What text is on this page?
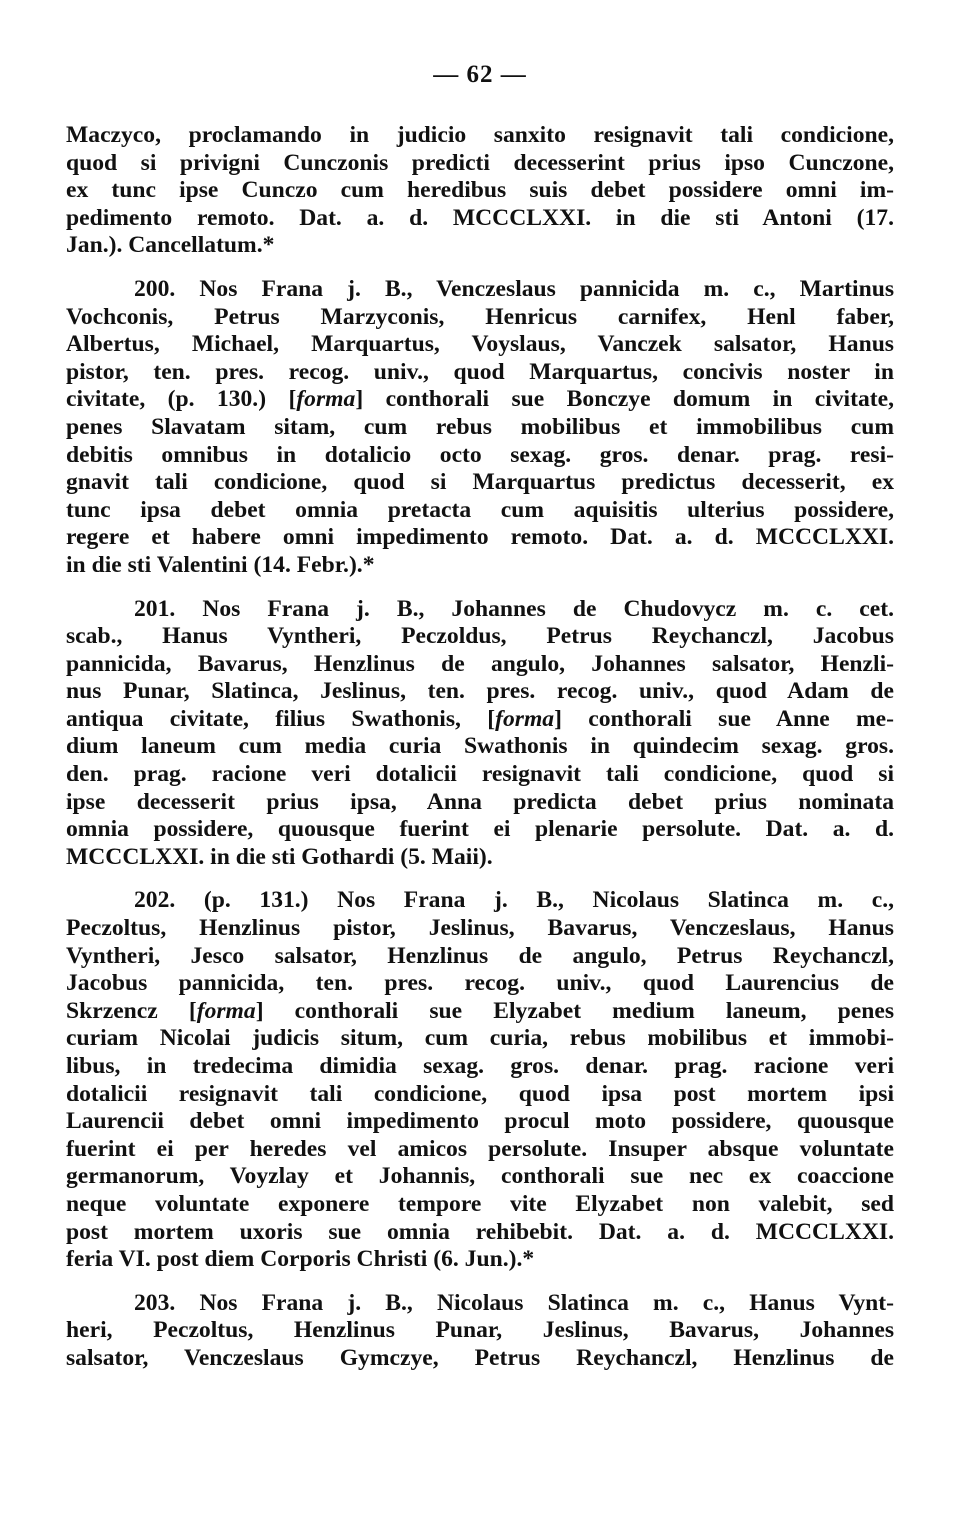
— 62 —
Maczyco, proclamando in judicio sanxito resignavit tali condicione,
quod si privigni Cunczonis predicti decesserint prius ipso Cunczone,
ex tunc ipse Cunczo cum heredibus suis debet possidere omni im-
pedimento remoto. Dat. a. d. MCCCLXXI. in die sti Antoni (17.
Jan.). Cancellatum.*
200. Nos Frana j. B., Venczeslaus pannicida m. c., Martinus
Vochconis, Petrus Marzyconis, Henricus carnifex, Henl faber,
Albertus, Michael, Marquartus, Voyslaus, Vanczek salsator, Hanus
pistor, ten. pres. recog. univ., quod Marquartus, concivis noster in
civitate, (p. 130.) [forma] conthorali sue Bonczye domum in civitate,
penes Slavatam sitam, cum rebus mobilibus et immobilibus cum
debitis omnibus in dotalicio octo sexag. gros. denar. prag. resi-
gnavit tali condicione, quod si Marquartus predictus decesserit, ex
tunc ipsa debet omnia pretacta cum aquisitis ulterius possidere,
regere et habere omni impedimento remoto. Dat. a. d. MCCCLXXI.
in die sti Valentini (14. Febr.).*
201. Nos Frana j. B., Johannes de Chudovycz m. c. cet.
scab., Hanus Vyntheri, Peczoldus, Petrus Reychanczl, Jacobus
pannicida, Bavarus, Henzlinus de angulo, Johannes salsator, Henzli-
nus Punar, Slatinca, Jeslinus, ten. pres. recog. univ., quod Adam de
antiqua civitate, filius Swathonis, [forma] conthorali sue Anne me-
dium laneum cum media curia Swathonis in quindecim sexag. gros.
den. prag. racione veri dotalicii resignavit tali condicione, quod si
ipse decesserit prius ipsa, Anna predicta debet prius nominata
omnia possidere, quousque fuerint ei plenarie persolute. Dat. a. d.
MCCCLXXI. in die sti Gothardi (5. Maii).
202. (p. 131.) Nos Frana j. B., Nicolaus Slatinca m. c.,
Peczoltus, Henzlinus pistor, Jeslinus, Bavarus, Venczeslaus, Hanus
Vyntheri, Jesco salsator, Henzlinus de angulo, Petrus Reychanczl,
Jacobus pannicida, ten. pres. recog. univ., quod Laurencius de
Skrzencz [forma] conthorali sue Elyzabet medium laneum, penes
curiam Nicolai judicis situm, cum curia, rebus mobilibus et immobi-
libus, in tredecima dimidia sexag. gros. denar. prag. racione veri
dotalicii resignavit tali condicione, quod ipsa post mortem ipsi
Laurencii debet omni impedimento procul moto possidere, quousque
fuerint ei per heredes vel amicos persolute. Insuper absque voluntate
germanorum, Voyzlay et Johannis, conthorali sue nec ex coaccione
neque voluntate exponere tempore vite Elyzabet non valebit, sed
post mortem uxoris sue omnia rehibebit. Dat. a. d. MCCCLXXI.
feria VI. post diem Corporis Christi (6. Jun.).*
203. Nos Frana j. B., Nicolaus Slatinca m. c., Hanus Vynt-
heri, Peczoltus, Henzlinus Punar, Jeslinus, Bavarus, Johannes
salsator, Venczeslaus Gymczye, Petrus Reychanczl, Henzlinus de
